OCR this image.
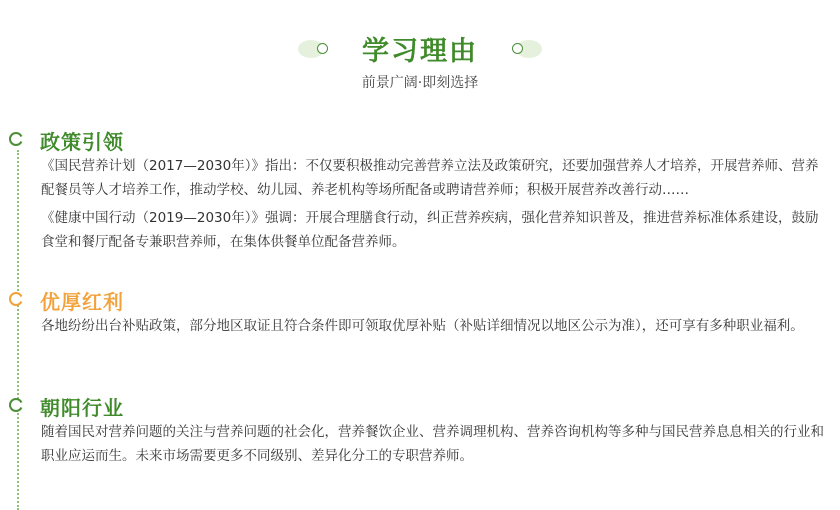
学习理由
前景广阔·即刻选择
政策引领

《国民营养计划（2017—2030年）》指出：不仅要积极推动完善营养立法及政策研究，还要加强营养人才培养，开展营养师、营养配餐员等人才培养工作，推动学校、幼儿园、养老机构等场所配备或聘请营养师；积极开展营养改善行动……

《健康中国行动（2019—2030年）》强调：开展合理膳食行动，纠正营养疾病，强化营养知识普及，推进营养标准体系建设，鼓励食堂和餐厅配备专兼职营养师，在集体供餐单位配备营养师。

优厚红利

各地纷纷出台补贴政策，部分地区取证且符合条件即可领取优厚补贴（补贴详细情况以地区公示为准），还可享有多种职业福利。

朝阳行业

随着国民对营养问题的关注与营养问题的社会化，营养餐饮企业、营养调理机构、营养咨询机构等多种与国民营养息息相关的行业和职业应运而生。未来市场需要更多不同级别、差异化分工的专职营养师。
